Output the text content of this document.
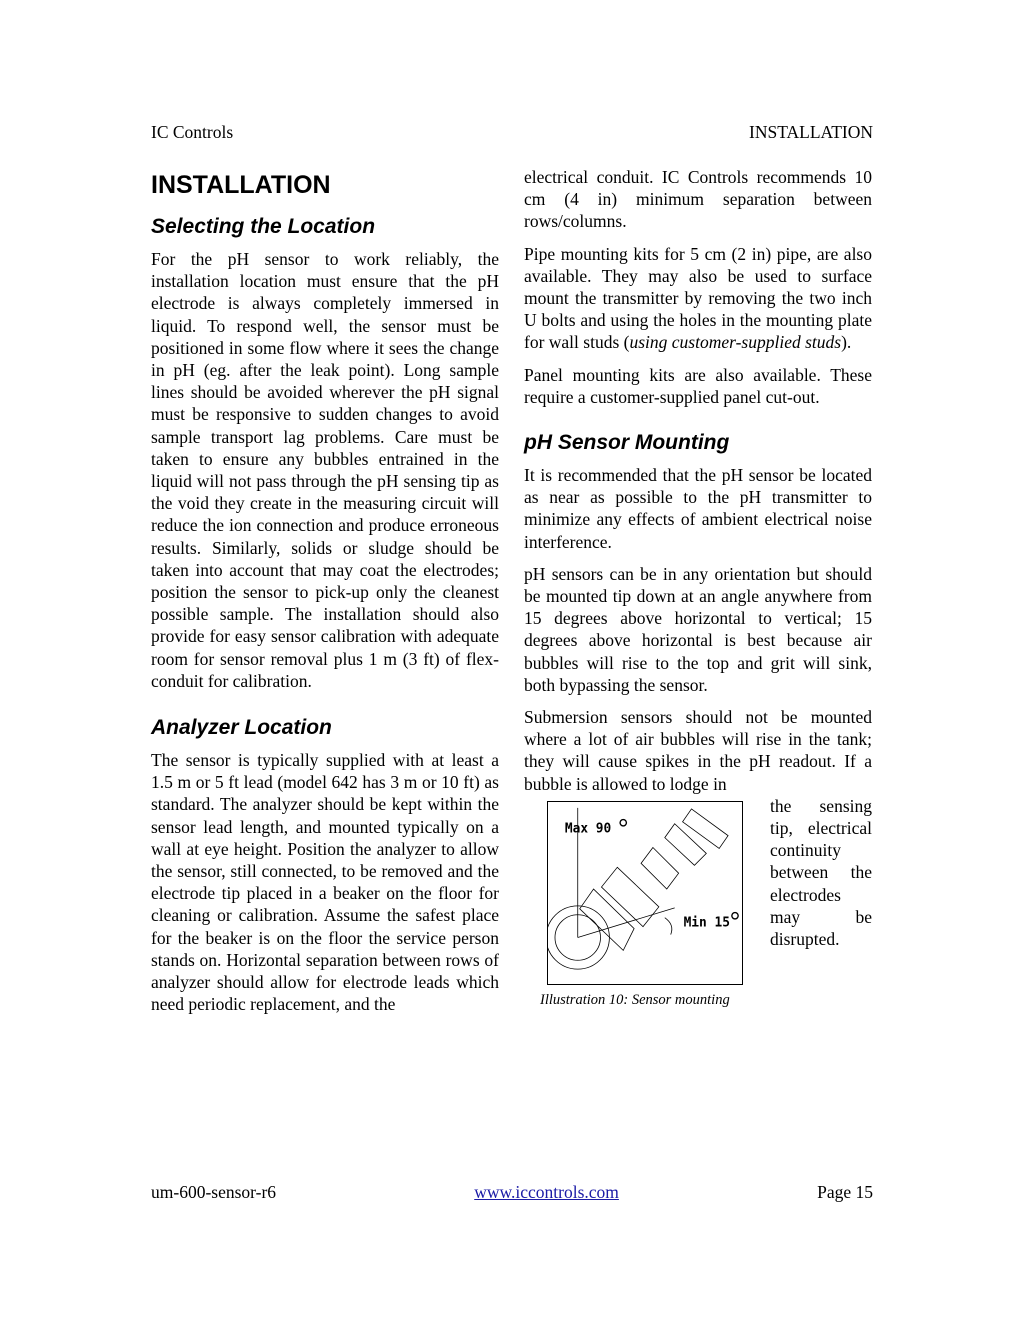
IC Controls	INSTALLATION
INSTALLATION
Selecting the Location

For the pH sensor to work reliably, the installation location must ensure that the pH electrode is always completely immersed in liquid. To respond well, the sensor must be positioned in some flow where it sees the change in pH (eg. after the leak point). Long sample lines should be avoided wherever the pH signal must be responsive to sudden changes to avoid sample transport lag problems. Care must be taken to ensure any bubbles entrained in the liquid will not pass through the pH sensing tip as the void they create in the measuring circuit will reduce the ion connection and produce erroneous results. Similarly, solids or sludge should be taken into account that may coat the electrodes; position the sensor to pick-up only the cleanest possible sample. The installation should also provide for easy sensor calibration with adequate room for sensor removal plus 1 m (3 ft) of flex-conduit for calibration.

Analyzer Location

The sensor is typically supplied with at least a 1.5 m or 5 ft lead (model 642 has 3 m or 10 ft) as standard. The analyzer should be kept within the sensor lead length, and mounted typically on a wall at eye height. Position the analyzer to allow the sensor, still connected, to be removed and the electrode tip placed in a beaker on the floor for cleaning or calibration. Assume the safest place for the beaker is on the floor the service person stands on. Horizontal separation between rows of analyzer should allow for electrode leads which need periodic replacement, and the

electrical conduit. IC Controls recommends 10 cm (4 in) minimum separation between rows/columns.

Pipe mounting kits for 5 cm (2 in) pipe, are also available. They may also be used to surface mount the transmitter by removing the two inch U bolts and using the holes in the mounting plate for wall studs (using customer-supplied studs).

Panel mounting kits are also available. These require a customer-supplied panel cut-out.

pH Sensor Mounting

It is recommended that the pH sensor be located as near as possible to the pH transmitter to minimize any effects of ambient electrical noise interference.

pH sensors can be in any orientation but should be mounted tip down at an angle anywhere from 15 degrees above horizontal to vertical; 15 degrees above horizontal is best because air bubbles will rise to the top and grit will sink, both bypassing the sensor.

Submersion sensors should not be mounted where a lot of air bubbles will rise in the tank; they will cause spikes in the pH readout. If a bubble is allowed to lodge in

Max 90
Min 15
Illustration 10: Sensor mounting

the sensing tip, electrical continuity between the electrodes may be disrupted.

um-600-sensor-r6	www.iccontrols.com	Page 15
